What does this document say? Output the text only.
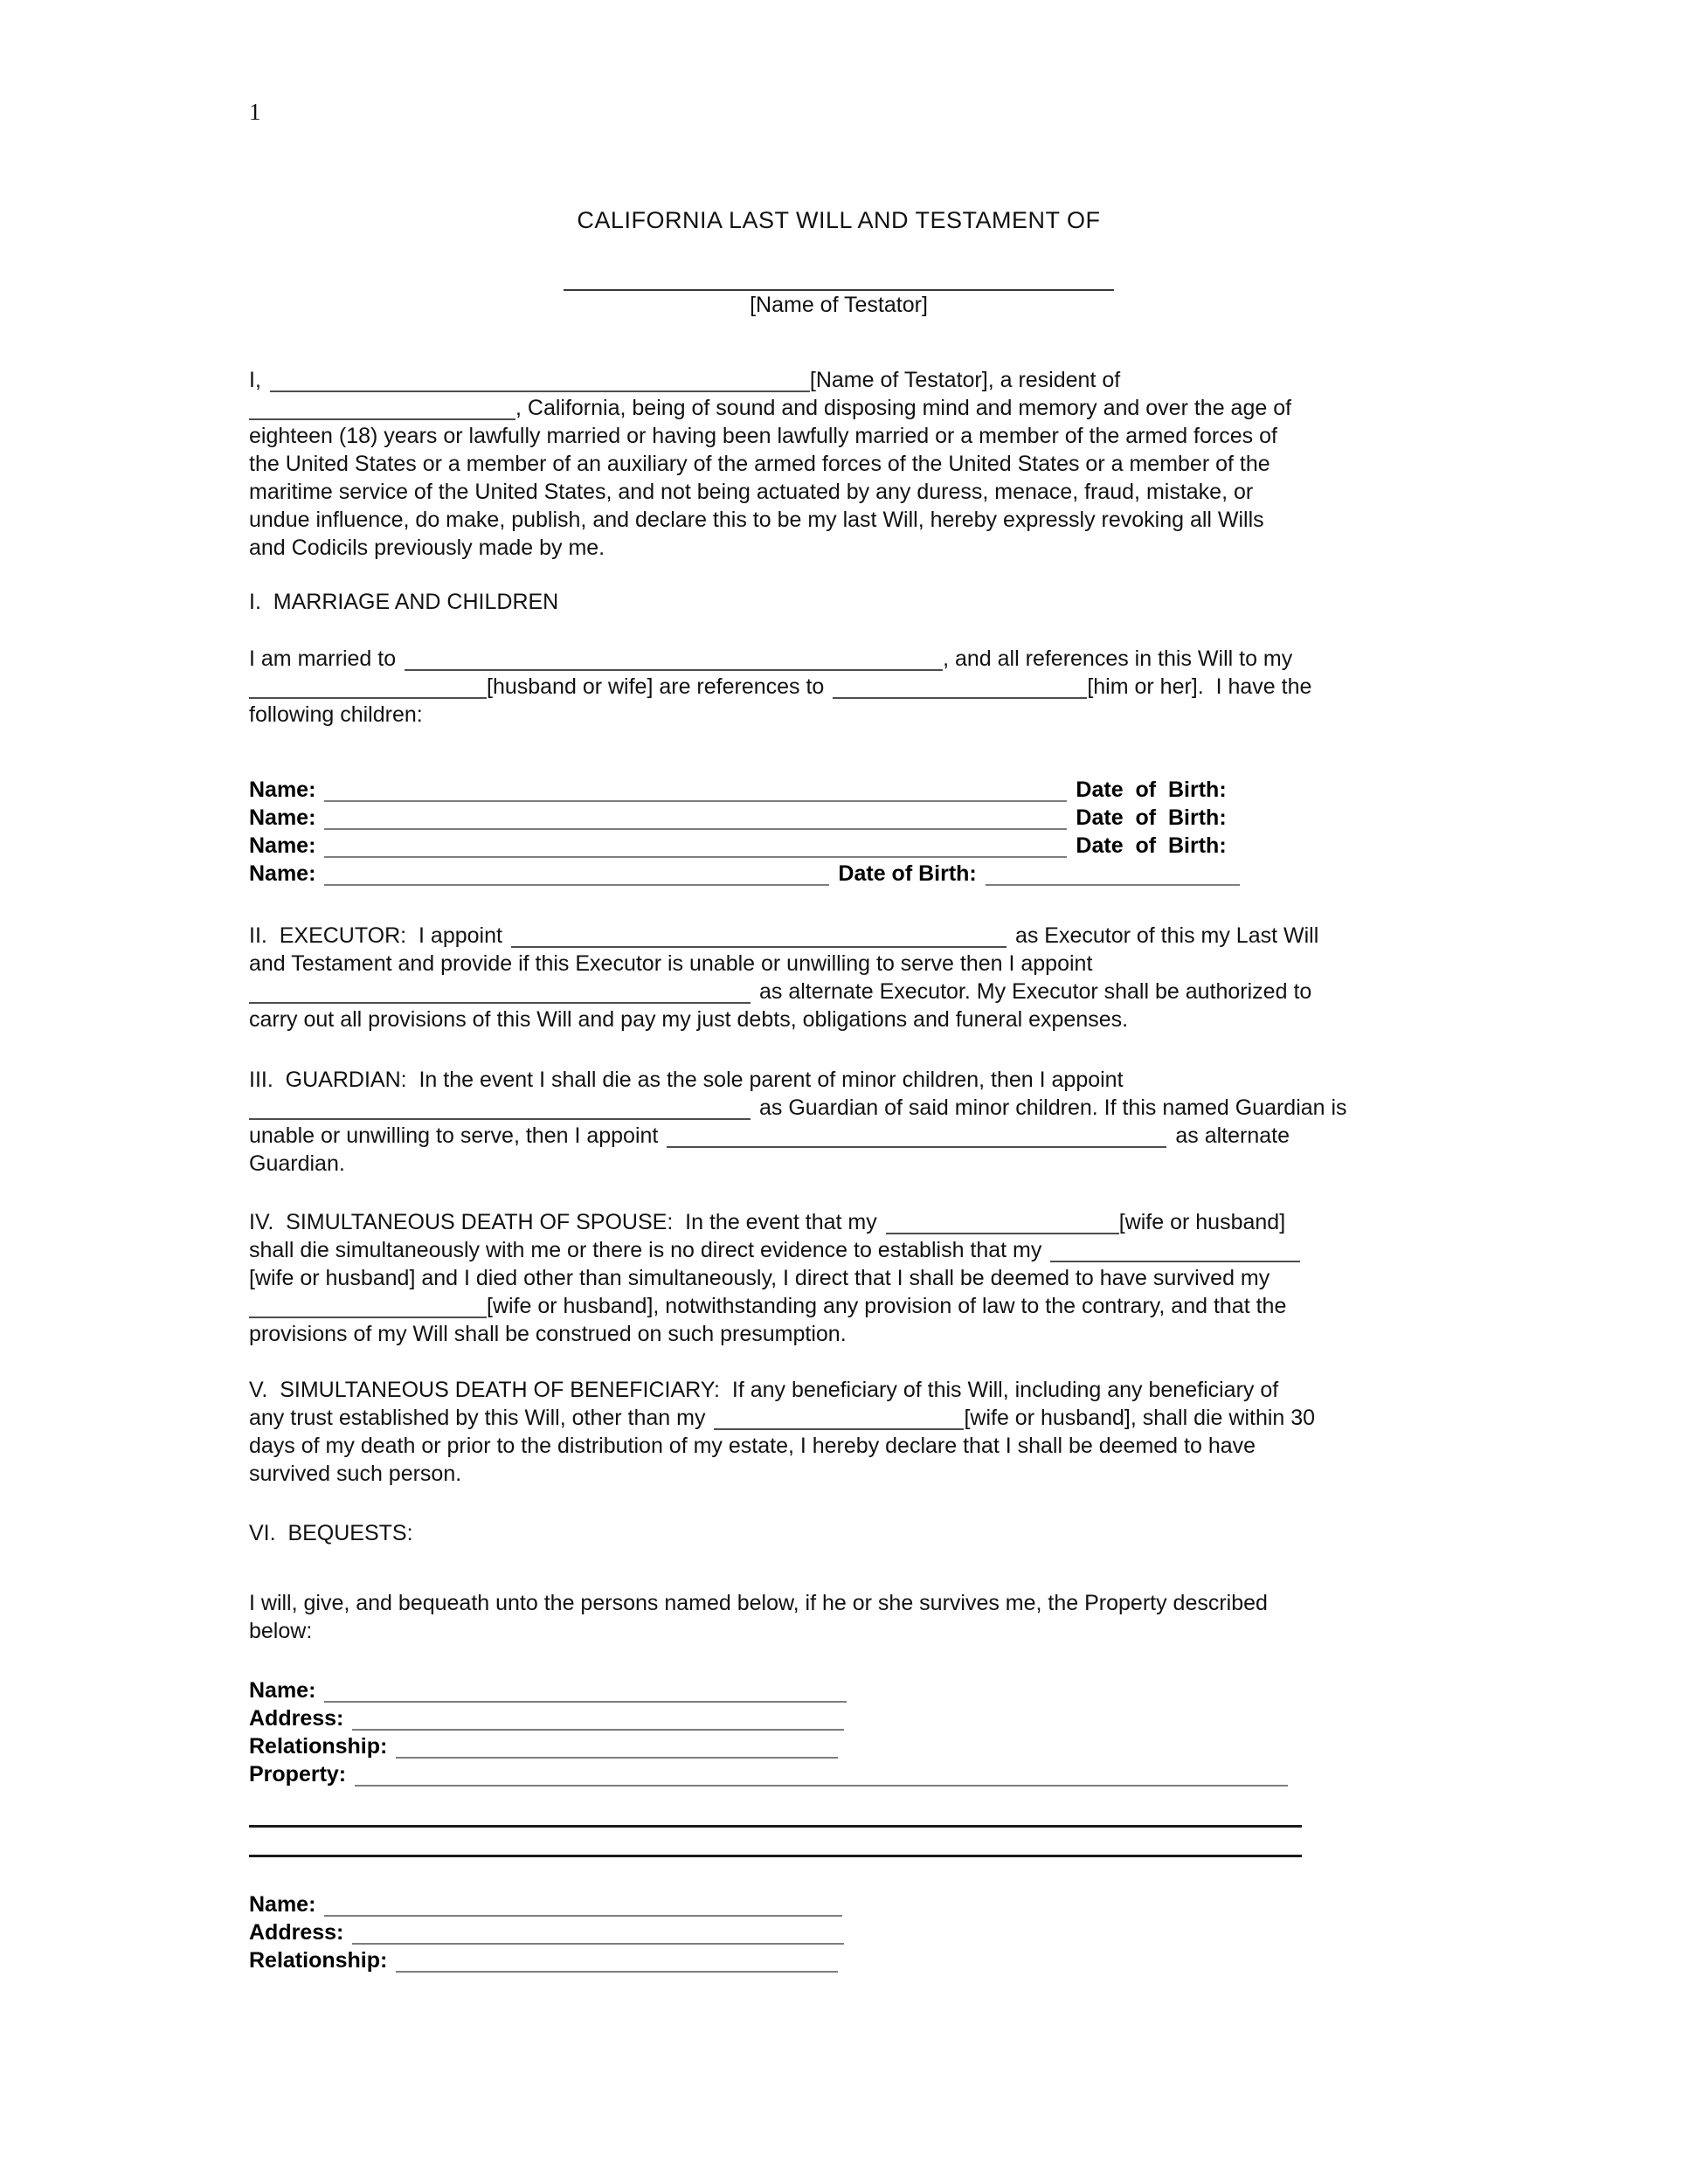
1
CALIFORNIA LAST WILL AND TESTAMENT OF
[Name of Testator]
I,	[Name of Testator], a resident of
, California, being of sound and disposing mind and memory and over the age of
eighteen (18) years or lawfully married or having been lawfully married or a member of the armed forces of
the United States or a member of an auxiliary of the armed forces of the United States or a member of the
maritime service of the United States, and not being actuated by any duress, menace, fraud, mistake, or
undue influence, do make, publish, and declare this to be my last Will, hereby expressly revoking all Wills
and Codicils previously made by me.
I.  MARRIAGE AND CHILDREN
I am married to	, and all references in this Will to my
[husband or wife] are references to	[him or her].  I have the
following children:
Name:	Date  of  Birth:
Name:	Date  of  Birth:
Name:	Date  of  Birth:
Name:	Date of Birth:
II.  EXECUTOR:  I appoint	as Executor of this my Last Will
and Testament and provide if this Executor is unable or unwilling to serve then I appoint
as alternate Executor. My Executor shall be authorized to
carry out all provisions of this Will and pay my just debts, obligations and funeral expenses.
III.  GUARDIAN:  In the event I shall die as the sole parent of minor children, then I appoint
as Guardian of said minor children. If this named Guardian is
unable or unwilling to serve, then I appoint	as alternate
Guardian.
IV.  SIMULTANEOUS DEATH OF SPOUSE:  In the event that my	[wife or husband]
shall die simultaneously with me or there is no direct evidence to establish that my
[wife or husband] and I died other than simultaneously, I direct that I shall be deemed to have survived my
[wife or husband], notwithstanding any provision of law to the contrary, and that the
provisions of my Will shall be construed on such presumption.
V.  SIMULTANEOUS DEATH OF BENEFICIARY:  If any beneficiary of this Will, including any beneficiary of
any trust established by this Will, other than my	[wife or husband], shall die within 30
days of my death or prior to the distribution of my estate, I hereby declare that I shall be deemed to have
survived such person.
VI.  BEQUESTS:
I will, give, and bequeath unto the persons named below, if he or she survives me, the Property described
below:
Name:
Address:
Relationship:
Property:
Name:
Address:
Relationship:
